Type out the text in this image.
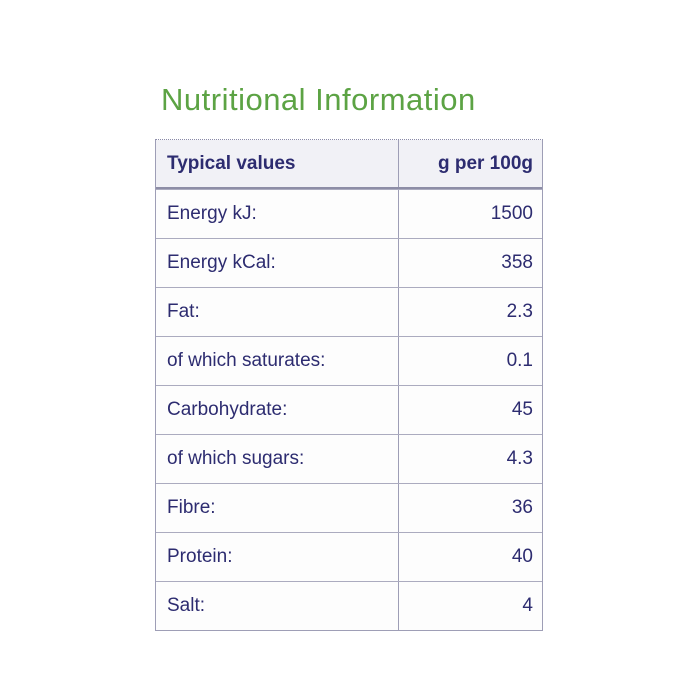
Nutritional Information
Typical values	g per 100g
Energy kJ:	1500
Energy kCal:	358
Fat:	2.3
of which saturates:	0.1
Carbohydrate:	45
of which sugars:	4.3
Fibre:	36
Protein:	40
Salt:	4
